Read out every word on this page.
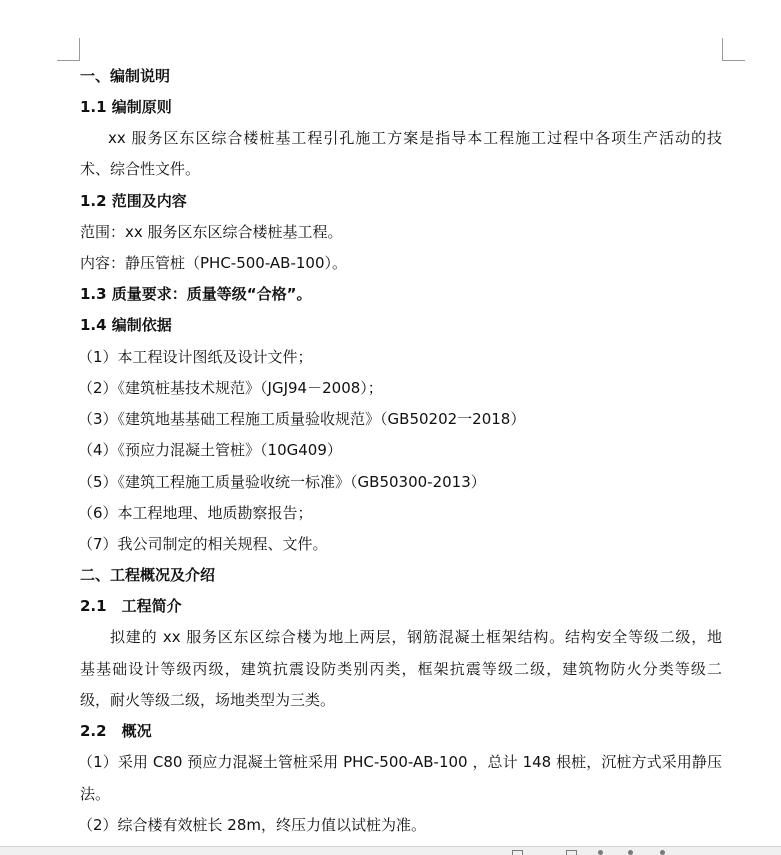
一、编制说明
1.1 编制原则
xx 服务区东区综合楼桩基工程引孔施工方案是指导本工程施工过程中各项生产活动的技
术、综合性文件。
1.2 范围及内容
范围：xx 服务区东区综合楼桩基工程。
内容：静压管桩（PHC-500-AB-100）。
1.3 质量要求：质量等级“合格”。
1.4 编制依据
（1）本工程设计图纸及设计文件；
（2）《建筑桩基技术规范》（JGJ94－2008）；
（3）《建筑地基基础工程施工质量验收规范》（GB50202一2018）
（4）《预应力混凝土管桩》（10G409）
（5）《建筑工程施工质量验收统一标准》（GB50300-2013）
（6）本工程地理、地质勘察报告；
（7）我公司制定的相关规程、文件。
二、工程概况及介绍
2.1　工程简介
拟建的 xx 服务区东区综合楼为地上两层，钢筋混凝土框架结构。结构安全等级二级，地
基基础设计等级丙级，建筑抗震设防类别丙类，框架抗震等级二级，建筑物防火分类等级二
级，耐火等级二级，场地类型为三类。
2.2　概况
（1）采用 C80 预应力混凝土管桩采用 PHC-500-AB-100 ，总计 148 根桩，沉桩方式采用静压
法。
（2）综合楼有效桩长 28m，终压力值以试桩为准。
